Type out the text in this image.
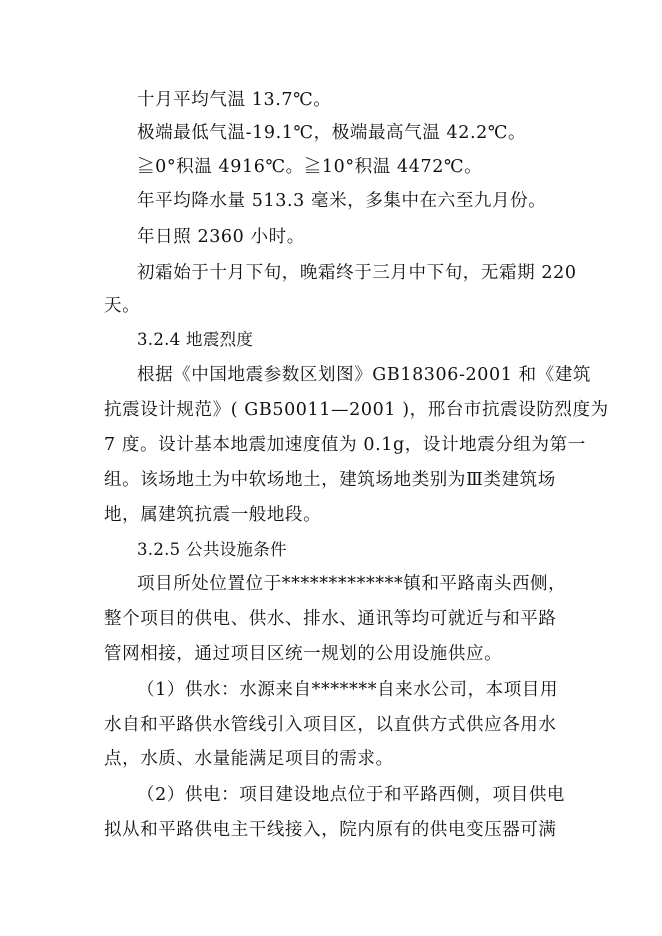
十月平均气温 13.7℃。
极端最低气温-19.1℃，极端最高气温 42.2℃。
≧0°积温 4916℃。≧10°积温 4472℃。
年平均降水量 513.3 毫米，多集中在六至九月份。
年日照 2360 小时。
初霜始于十月下旬，晚霜终于三月中下旬，无霜期 220
天。
3.2.4 地震烈度
根据《中国地震参数区划图》GB18306-2001 和《建筑
抗震设计规范》( GB50011—2001 )，邢台市抗震设防烈度为
7 度。设计基本地震加速度值为 0.1g，设计地震分组为第一
组。该场地土为中软场地土，建筑场地类别为Ⅲ类建筑场
地，属建筑抗震一般地段。
3.2.5 公共设施条件
项目所处位置位于*************镇和平路南头西侧，
整个项目的供电、供水、排水、通讯等均可就近与和平路
管网相接，通过项目区统一规划的公用设施供应。
（1）供水：水源来自*******自来水公司，本项目用
水自和平路供水管线引入项目区，以直供方式供应各用水
点，水质、水量能满足项目的需求。
（2）供电：项目建设地点位于和平路西侧，项目供电
拟从和平路供电主干线接入，院内原有的供电变压器可满
